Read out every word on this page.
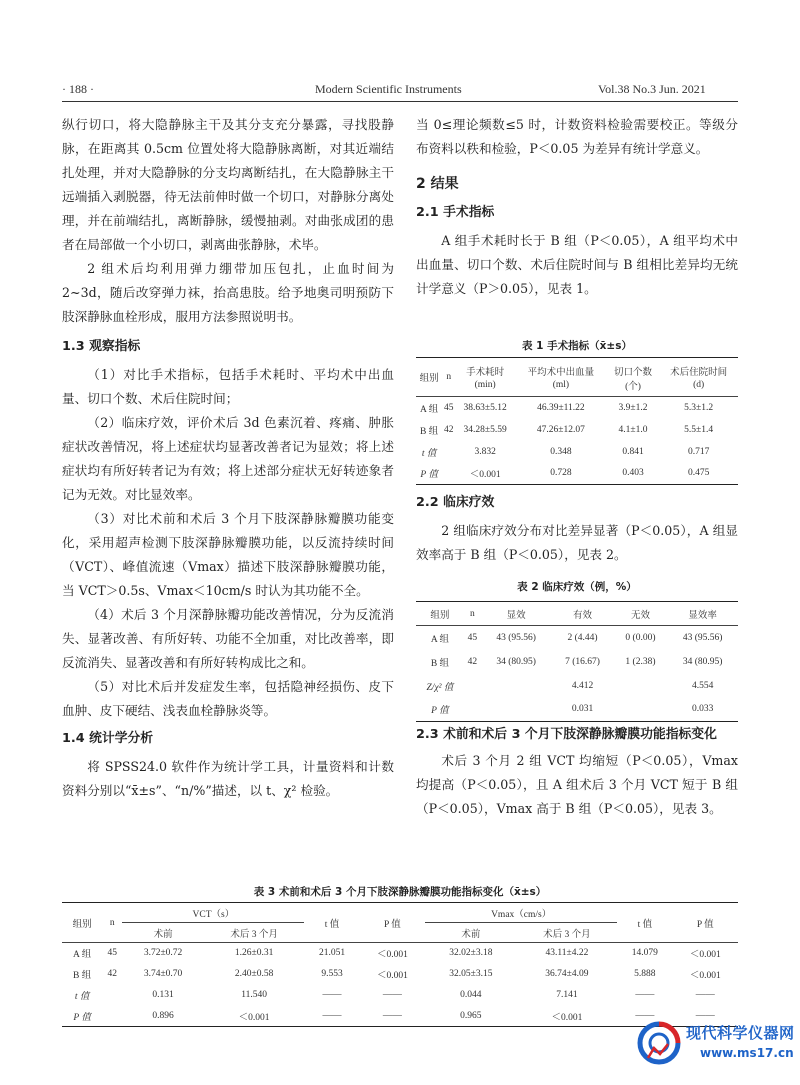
· 188 ·	Modern Scientific Instruments	Vol.38 No.3 Jun. 2021

纵行切口，将大隐静脉主干及其分支充分暴露，寻找股静脉，在距离其 0.5cm 位置处将大隐静脉离断，对其近端结扎处理，并对大隐静脉的分支均离断结扎，在大隐静脉主干远端插入剥脱器，待无法前伸时做一个切口，对静脉分离处理，并在前端结扎，离断静脉，缓慢抽剥。对曲张成团的患者在局部做一个小切口，剥离曲张静脉，术毕。

2 组术后均利用弹力绷带加压包扎，止血时间为 2~3d，随后改穿弹力袜，抬高患肢。给予地奥司明预防下肢深静脉血栓形成，服用方法参照说明书。

1.3 观察指标

（1）对比手术指标，包括手术耗时、平均术中出血量、切口个数、术后住院时间；

（2）临床疗效，评价术后 3d 色素沉着、疼痛、肿胀症状改善情况，将上述症状均显著改善者记为显效；将上述症状均有所好转者记为有效；将上述部分症状无好转迹象者记为无效。对比显效率。

（3）对比术前和术后 3 个月下肢深静脉瓣膜功能变化，采用超声检测下肢深静脉瓣膜功能，以反流持续时间（VCT）、峰值流速（Vmax）描述下肢深静脉瓣膜功能，当 VCT＞0.5s、Vmax＜10cm/s 时认为其功能不全。

（4）术后 3 个月深静脉瓣功能改善情况，分为反流消失、显著改善、有所好转、功能不全加重，对比改善率，即反流消失、显著改善和有所好转构成比之和。

（5）对比术后并发症发生率，包括隐神经损伤、皮下血肿、皮下硬结、浅表血栓静脉炎等。

1.4 统计学分析

将 SPSS24.0 软件作为统计学工具，计量资料和计数资料分别以“x̄±s”、“n/%”描述，以 t、χ² 检验。

当 0≤理论频数≤5 时，计数资料检验需要校正。等级分布资料以秩和检验，P＜0.05 为差异有统计学意义。

2 结果

2.1 手术指标

A 组手术耗时长于 B 组（P＜0.05），A 组平均术中出血量、切口个数、术后住院时间与 B 组相比差异均无统计学意义（P＞0.05），见表 1。

表 1 手术指标（x̄±s）
组别	n	手术耗时	平均术中出血量	切口个数	术后住院时间
		(min)	(ml)	(个)	(d)
A 组	45	38.63±5.12	46.39±11.22	3.9±1.2	5.3±1.2
B 组	42	34.28±5.59	47.26±12.07	4.1±1.0	5.5±1.4
t 值		3.832	0.348	0.841	0.717
P 值		＜0.001	0.728	0.403	0.475

2.2 临床疗效

2 组临床疗效分布对比差异显著（P＜0.05），A 组显效率高于 B 组（P＜0.05），见表 2。

表 2 临床疗效（例，%）
组别	n	显效	有效	无效	显效率
A 组	45	43 (95.56)	2 (4.44)	0 (0.00)	43 (95.56)
B 组	42	34 (80.95)	7 (16.67)	1 (2.38)	34 (80.95)
Z/χ² 值			4.412		4.554
P 值			0.031		0.033

2.3 术前和术后 3 个月下肢深静脉瓣膜功能指标变化

术后 3 个月 2 组 VCT 均缩短（P＜0.05），Vmax 均提高（P＜0.05），且 A 组术后 3 个月 VCT 短于 B 组（P＜0.05），Vmax 高于 B 组（P＜0.05），见表 3。

表 3 术前和术后 3 个月下肢深静脉瓣膜功能指标变化（x̄±s）
组别	n	VCT（s）		t 值	P 值	Vmax（cm/s）		t 值	P 值
		术前	术后 3 个月			术前	术后 3 个月		
A 组	45	3.72±0.72	1.26±0.31	21.051	＜0.001	32.02±3.18	43.11±4.22	14.079	＜0.001
B 组	42	3.74±0.70	2.40±0.58	9.553	＜0.001	32.05±3.15	36.74±4.09	5.888	＜0.001
t 值		0.131	11.540	——	——	0.044	7.141	——	——
P 值		0.896	＜0.001	——	——	0.965	＜0.001	——	——
现代科学仪器网
www.ms17.cn
